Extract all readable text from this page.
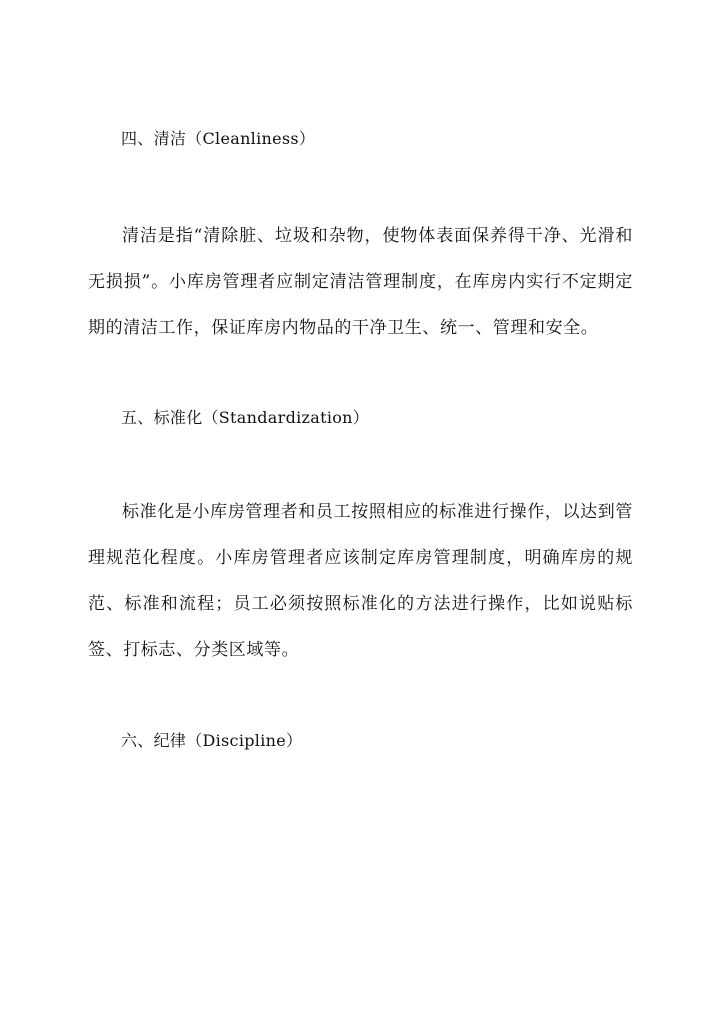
四、清洁（Cleanliness）
清洁是指“清除脏、垃圾和杂物，使物体表面保养得干净、光滑和无损损”。小库房管理者应制定清洁管理制度，在库房内实行不定期定期的清洁工作，保证库房内物品的干净卫生、统一、管理和安全。
五、标准化（Standardization）
标准化是小库房管理者和员工按照相应的标准进行操作，以达到管理规范化程度。小库房管理者应该制定库房管理制度，明确库房的规范、标准和流程；员工必须按照标准化的方法进行操作，比如说贴标签、打标志、分类区域等。
六、纪律（Discipline）
